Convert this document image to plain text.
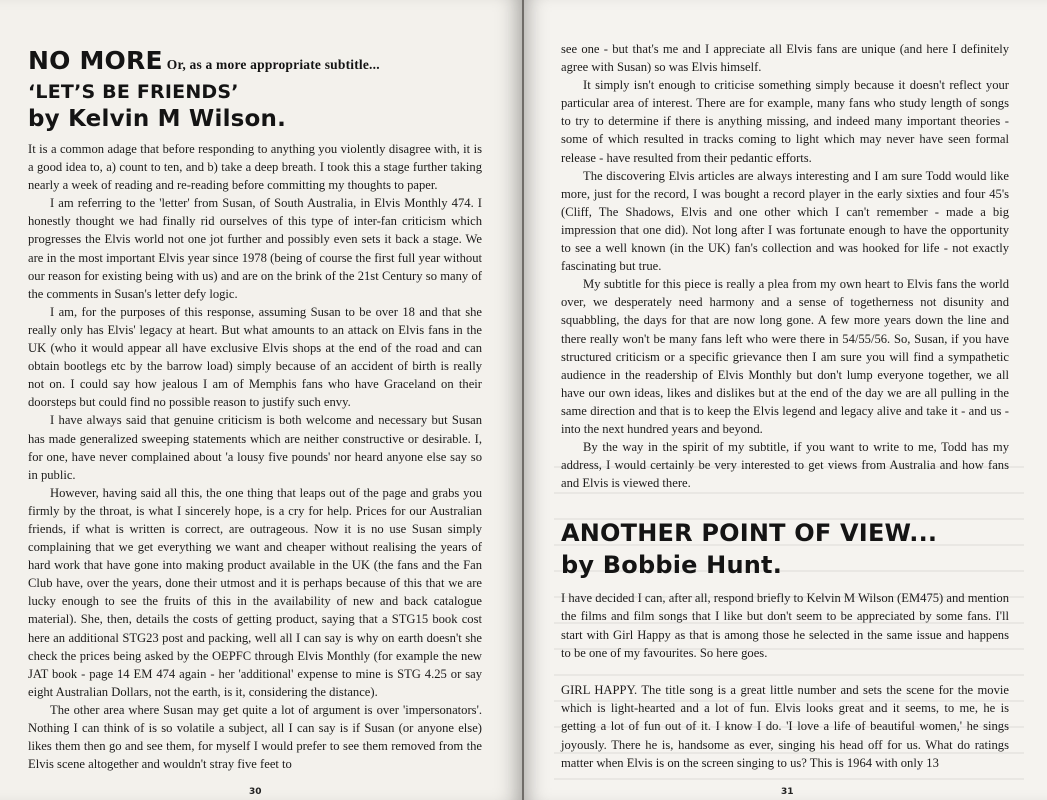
NO MORE Or, as a more appropriate subtitle...
‘LET’S BE FRIENDS’
by Kelvin M Wilson.

It is a common adage that before responding to anything you violently disagree with, it is a good idea to, a) count to ten, and b) take a deep breath. I took this a stage further taking nearly a week of reading and re-reading before committing my thoughts to paper.

I am referring to the 'letter' from Susan, of South Australia, in Elvis Monthly 474. I honestly thought we had finally rid ourselves of this type of inter-fan criticism which progresses the Elvis world not one jot further and possibly even sets it back a stage. We are in the most important Elvis year since 1978 (being of course the first full year without our reason for existing being with us) and are on the brink of the 21st Century so many of the comments in Susan's letter defy logic.

I am, for the purposes of this response, assuming Susan to be over 18 and that she really only has Elvis' legacy at heart. But what amounts to an attack on Elvis fans in the UK (who it would appear all have exclusive Elvis shops at the end of the road and can obtain bootlegs etc by the barrow load) simply because of an accident of birth is really not on. I could say how jealous I am of Memphis fans who have Graceland on their doorsteps but could find no possible reason to justify such envy.

I have always said that genuine criticism is both welcome and necessary but Susan has made generalized sweeping statements which are neither constructive or desirable. I, for one, have never complained about 'a lousy five pounds' nor heard anyone else say so in public.

However, having said all this, the one thing that leaps out of the page and grabs you firmly by the throat, is what I sincerely hope, is a cry for help. Prices for our Australian friends, if what is written is correct, are outrageous. Now it is no use Susan simply complaining that we get everything we want and cheaper without realising the years of hard work that have gone into making product available in the UK (the fans and the Fan Club have, over the years, done their utmost and it is perhaps because of this that we are lucky enough to see the fruits of this in the availability of new and back catalogue material). She, then, details the costs of getting product, saying that a STG15 book cost here an additional STG23 post and packing, well all I can say is why on earth doesn't she check the prices being asked by the OEPFC through Elvis Monthly (for example the new JAT book - page 14 EM 474 again - her 'additional' expense to mine is STG 4.25 or say eight Australian Dollars, not the earth, is it, considering the distance).

The other area where Susan may get quite a lot of argument is over 'impersonators'. Nothing I can think of is so volatile a subject, all I can say is if Susan (or anyone else) likes them then go and see them, for myself I would prefer to see them removed from the Elvis scene altogether and wouldn't stray five feet to

30

see one - but that's me and I appreciate all Elvis fans are unique (and here I definitely agree with Susan) so was Elvis himself.

It simply isn't enough to criticise something simply because it doesn't reflect your particular area of interest. There are for example, many fans who study length of songs to try to determine if there is anything missing, and indeed many important theories - some of which resulted in tracks coming to light which may never have seen formal release - have resulted from their pedantic efforts.

The discovering Elvis articles are always interesting and I am sure Todd would like more, just for the record, I was bought a record player in the early sixties and four 45's (Cliff, The Shadows, Elvis and one other which I can't remember - made a big impression that one did). Not long after I was fortunate enough to have the opportunity to see a well known (in the UK) fan's collection and was hooked for life - not exactly fascinating but true.

My subtitle for this piece is really a plea from my own heart to Elvis fans the world over, we desperately need harmony and a sense of togetherness not disunity and squabbling, the days for that are now long gone. A few more years down the line and there really won't be many fans left who were there in 54/55/56. So, Susan, if you have structured criticism or a specific grievance then I am sure you will find a sympathetic audience in the readership of Elvis Monthly but don't lump everyone together, we all have our own ideas, likes and dislikes but at the end of the day we are all pulling in the same direction and that is to keep the Elvis legend and legacy alive and take it - and us - into the next hundred years and beyond.

By the way in the spirit of my subtitle, if you want to write to me, Todd has my address, I would certainly be very interested to get views from Australia and how fans and Elvis is viewed there.

ANOTHER POINT OF VIEW...
by Bobbie Hunt.

I have decided I can, after all, respond briefly to Kelvin M Wilson (EM475) and mention the films and film songs that I like but don't seem to be appreciated by some fans. I'll start with Girl Happy as that is among those he selected in the same issue and happens to be one of my favourites. So here goes.

GIRL HAPPY. The title song is a great little number and sets the scene for the movie which is light-hearted and a lot of fun. Elvis looks great and it seems, to me, he is getting a lot of fun out of it. I know I do. 'I love a life of beautiful women,' he sings joyously. There he is, handsome as ever, singing his head off for us. What do ratings matter when Elvis is on the screen singing to us? This is 1964 with only 13

31
